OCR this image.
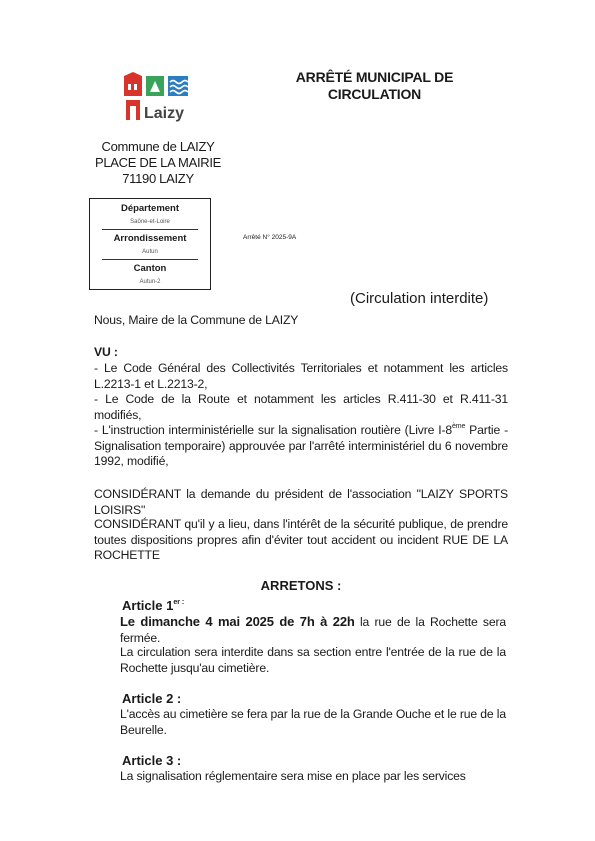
Laizy
ARRÊTÉ MUNICIPAL DE
CIRCULATION
Commune de LAIZY
PLACE DE LA MAIRIE
71190 LAIZY
Département
Saône-et-Loire
Arrondissement
Autun
Canton
Autun-2
Arrêté N° 2025-9A
(Circulation interdite)
Nous, Maire de la Commune de LAIZY
VU :
- Le Code Général des Collectivités Territoriales et notamment les articles L.2213-1 et L.2213-2,
- Le Code de la Route et notamment les articles R.411-30 et R.411-31 modifiés,
- L'instruction interministérielle sur la signalisation routière (Livre I-8ème Partie - Signalisation temporaire) approuvée par l'arrêté interministériel du 6 novembre 1992, modifié,
CONSIDÉRANT la demande du président de l'association "LAIZY SPORTS LOISIRS"
CONSIDÉRANT qu'il y a lieu, dans l'intérêt de la sécurité publique, de prendre toutes dispositions propres afin d'éviter tout accident ou incident RUE DE LA ROCHETTE
ARRETONS :
Article $1^{er :}$
Le dimanche 4 mai 2025 de 7h à 22h la rue de la Rochette sera fermée.
La circulation sera interdite dans sa section entre l'entrée de la rue de la Rochette jusqu'au cimetière.
Article 2 :
L'accès au cimetière se fera par la rue de la Grande Ouche et le rue de la Beurelle.
Article 3 :
La signalisation réglementaire sera mise en place par les services
